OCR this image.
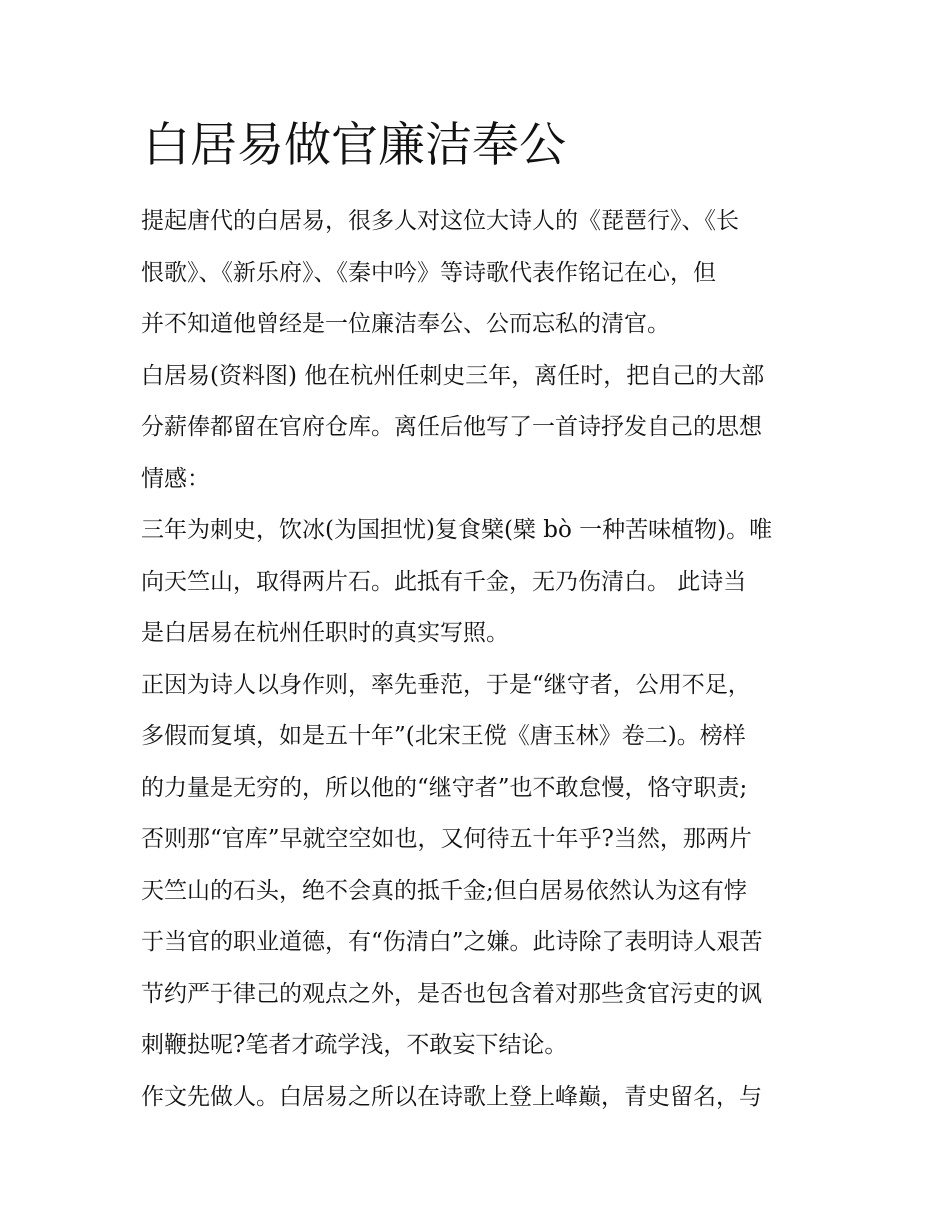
白居易做官廉洁奉公

提起唐代的白居易，很多人对这位大诗人的《琵琶行》、《长
恨歌》、《新乐府》、《秦中吟》等诗歌代表作铭记在心，但
并不知道他曾经是一位廉洁奉公、公而忘私的清官。

白居易(资料图) 他在杭州任刺史三年，离任时，把自己的大部
分薪俸都留在官府仓库。离任后他写了一首诗抒发自己的思想
情感：

三年为刺史，饮冰(为国担忧)复食檗(檗 bò 一种苦味植物)。唯
向天竺山，取得两片石。此抵有千金，无乃伤清白。 此诗当
是白居易在杭州任职时的真实写照。

正因为诗人以身作则，率先垂范，于是“继守者，公用不足，
多假而复填，如是五十年”(北宋王傥《唐玉林》卷二)。榜样
的力量是无穷的，所以他的“继守者”也不敢怠慢，恪守职责;
否则那“官库”早就空空如也，又何待五十年乎?当然，那两片
天竺山的石头，绝不会真的抵千金;但白居易依然认为这有悖
于当官的职业道德，有“伤清白”之嫌。此诗除了表明诗人艰苦
节约严于律己的观点之外，是否也包含着对那些贪官污吏的讽
刺鞭挞呢?笔者才疏学浅，不敢妄下结论。

作文先做人。白居易之所以在诗歌上登上峰巅，青史留名，与
